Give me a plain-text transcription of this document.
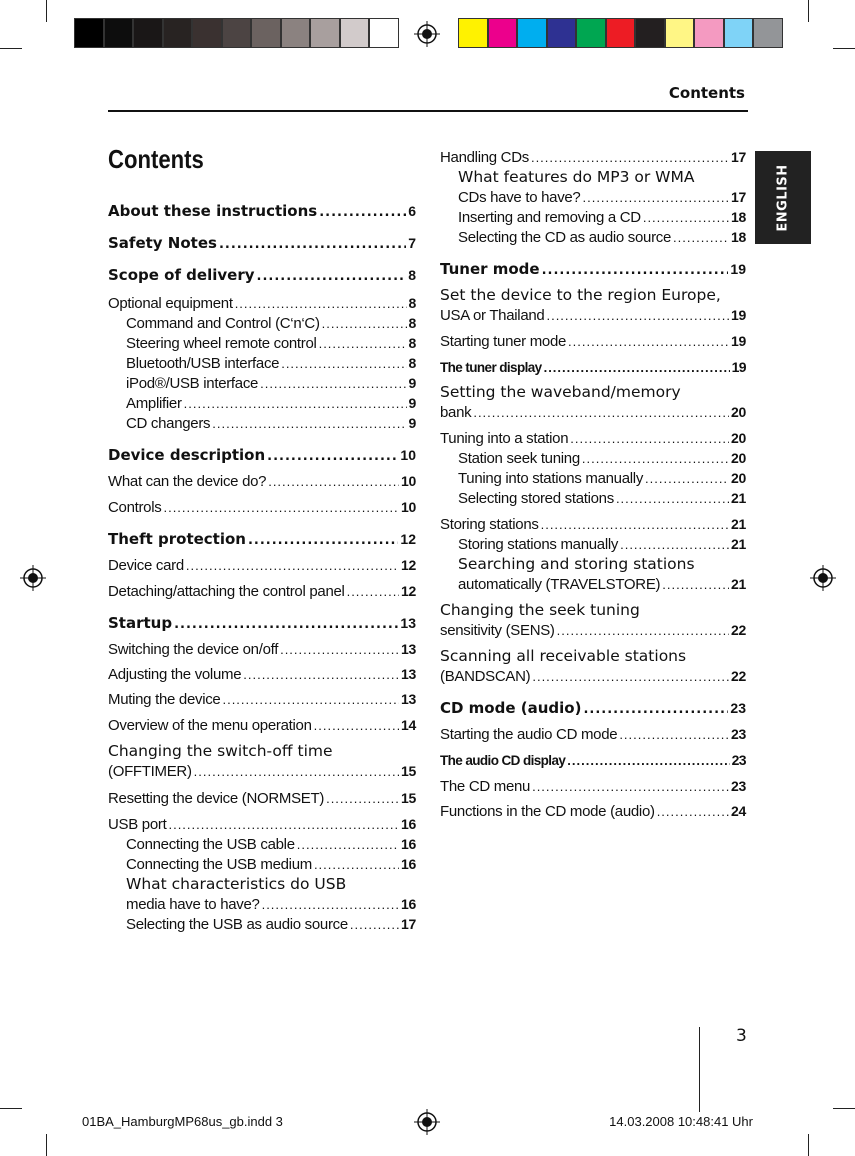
Contents
ENGLISH
Contents
About these instructions .....	6
Safety Notes .....	7
Scope of delivery .....	8
Optional equipment .....	8
Command and Control (C‘n‘C) .....	8
Steering wheel remote control .....	8
Bluetooth/USB interface .....	8
iPod®/USB interface .....	9
Amplifier .....	9
CD changers .....	9
Device description .....	10
What can the device do? .....	10
Controls .....	10
Theft protection .....	12
Device card .....	12
Detaching/attaching the control panel .....	12
Startup .....	13
Switching the device on/off .....	13
Adjusting the volume .....	13
Muting the device .....	13
Overview of the menu operation .....	14
Changing the switch-off time
(OFFTIMER) .....	15
Resetting the device (NORMSET) .....	15
USB port .....	16
Connecting the USB cable .....	16
Connecting the USB medium .....	16
What characteristics do USB
media have to have? .....	16
Selecting the USB as audio source .....	17
Handling CDs .....	17
What features do MP3 or WMA
CDs have to have? .....	17
Inserting and removing a CD .....	18
Selecting the CD as audio source .....	18
Tuner mode .....	19
Set the device to the region Europe,
USA or Thailand .....	19
Starting tuner mode .....	19
The tuner display .....	19
Setting the waveband/memory
bank .....	20
Tuning into a station .....	20
Station seek tuning .....	20
Tuning into stations manually .....	20
Selecting stored stations .....	21
Storing stations .....	21
Storing stations manually .....	21
Searching and storing stations
automatically (TRAVELSTORE) .....	21
Changing the seek tuning
sensitivity (SENS) .....	22
Scanning all receivable stations
(BANDSCAN) .....	22
CD mode (audio) .....	23
Starting the audio CD mode .....	23
The audio CD display .....	23
The CD menu .....	23
Functions in the CD mode (audio) .....	24
3
01BA_HamburgMP68us_gb.indd 3	14.03.2008 10:48:41 Uhr
